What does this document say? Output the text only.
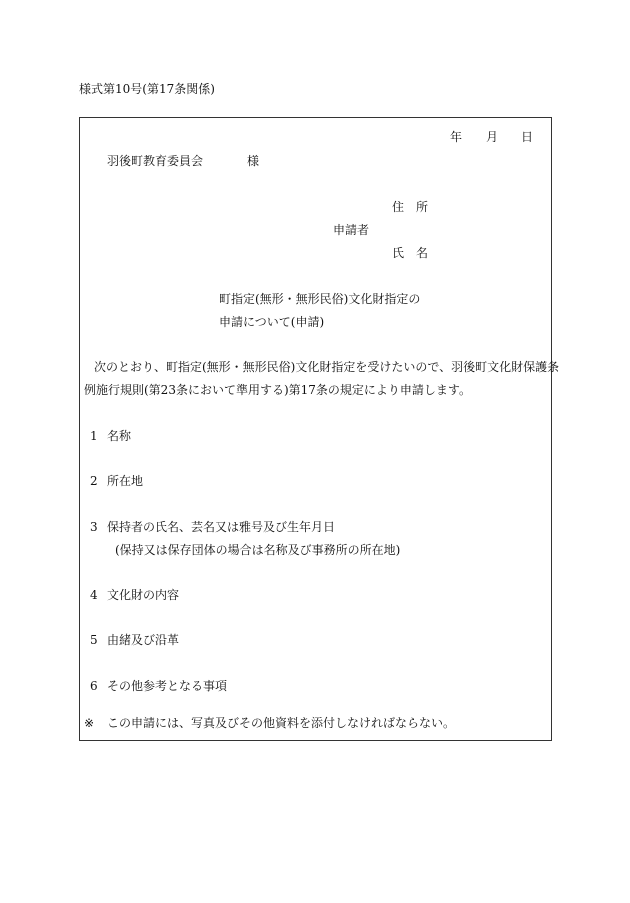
様式第10号(第17条関係)
年 月 日
羽後町教育委員会	様
住　所
申請者
氏　名
町指定(無形・無形民俗)文化財指定の
申請について(申請)
次のとおり、町指定(無形・無形民俗)文化財指定を受けたいので、羽後町文化財保護条
例施行規則(第23条において準用する)第17条の規定により申請します。
1 名称
2 所在地
3 保持者の氏名、芸名又は雅号及び生年月日
(保持又は保存団体の場合は名称及び事務所の所在地)
4 文化財の内容
5 由緒及び沿革
6 その他参考となる事項
※ この申請には、写真及びその他資料を添付しなければならない。
